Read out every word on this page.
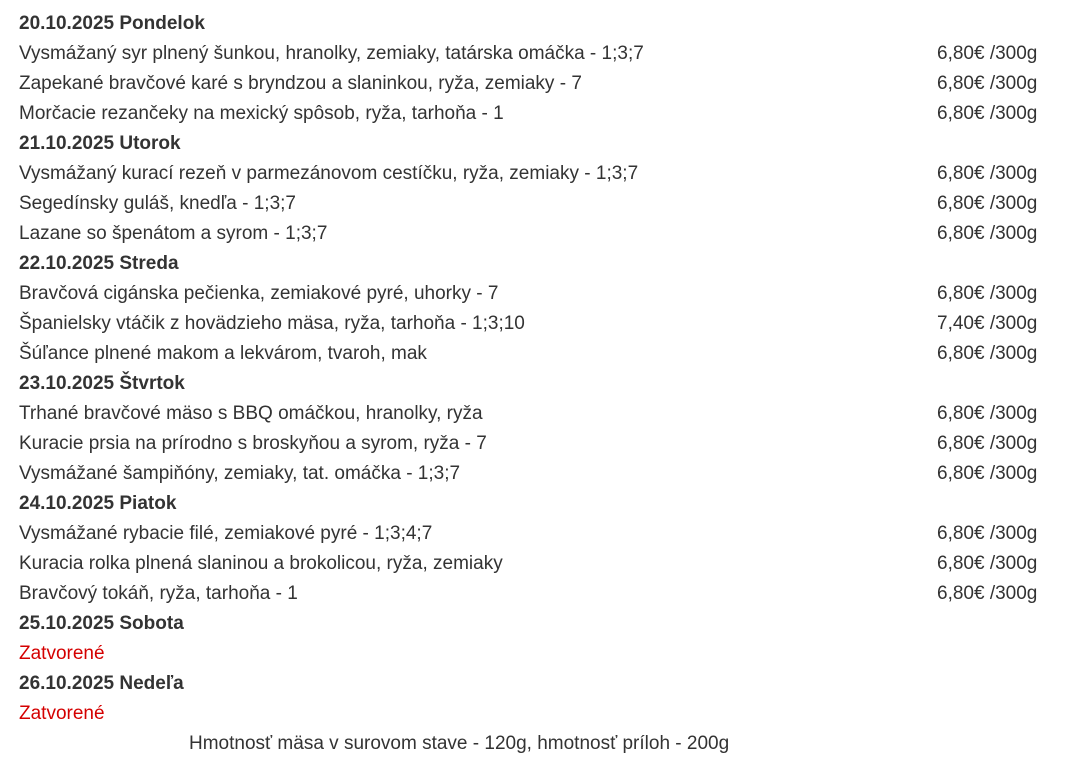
20.10.2025 Pondelok
Vysmážaný syr plnený šunkou, hranolky, zemiaky, tatárska omáčka - 1;3;7	6,80€ /300g
Zapekané bravčové karé s bryndzou a slaninkou, ryža, zemiaky - 7	6,80€ /300g
Morčacie rezančeky na mexický spôsob, ryža, tarhoňa - 1	6,80€ /300g
21.10.2025 Utorok
Vysmážaný kurací rezeň v parmezánovom cestíčku, ryža, zemiaky - 1;3;7	6,80€ /300g
Segedínsky guláš, knedľa - 1;3;7	6,80€ /300g
Lazane so špenátom a syrom - 1;3;7	6,80€ /300g
22.10.2025 Streda
Bravčová cigánska pečienka, zemiakové pyré, uhorky - 7	6,80€ /300g
Španielsky vtáčik z hovädzieho mäsa, ryža, tarhoňa - 1;3;10	7,40€ /300g
Šúľance plnené makom a lekvárom, tvaroh, mak	6,80€ /300g
23.10.2025 Štvrtok
Trhané bravčové mäso s BBQ omáčkou, hranolky, ryža	6,80€ /300g
Kuracie prsia na prírodno s broskyňou a syrom, ryža - 7	6,80€ /300g
Vysmážané šampiňóny, zemiaky, tat. omáčka - 1;3;7	6,80€ /300g
24.10.2025 Piatok
Vysmážané rybacie filé, zemiakové pyré - 1;3;4;7	6,80€ /300g
Kuracia rolka plnená slaninou a brokolicou, ryža, zemiaky	6,80€ /300g
Bravčový tokáň, ryža, tarhoňa - 1	6,80€ /300g
25.10.2025 Sobota
Zatvorené
26.10.2025 Nedeľa
Zatvorené
Hmotnosť mäsa v surovom stave - 120g, hmotnosť príloh - 200g
